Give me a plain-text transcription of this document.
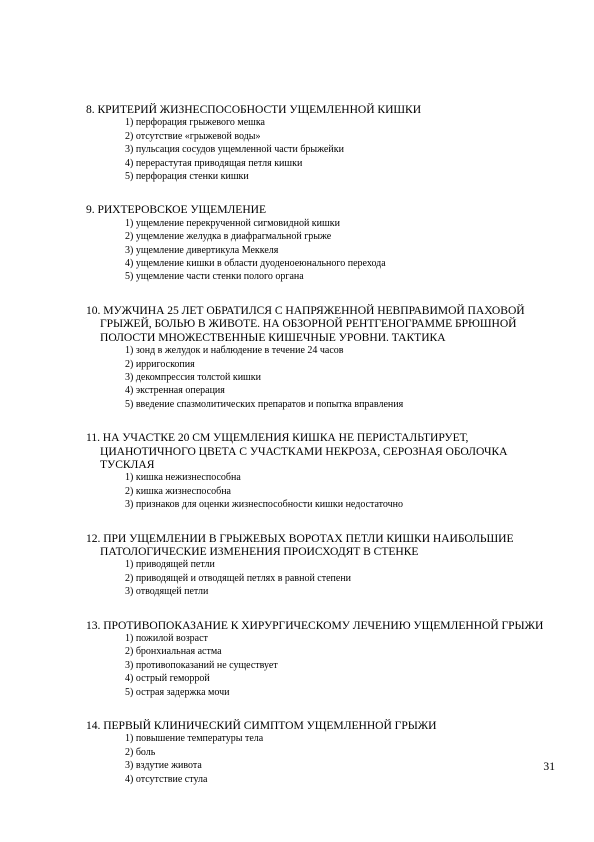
8. КРИТЕРИЙ ЖИЗНЕСПОСОБНОСТИ УЩЕМЛЕННОЙ КИШКИ

1) перфорация грыжевого мешка
2) отсутствие «грыжевой воды»
3) пульсация сосудов ущемленной части брыжейки
4) перерастутая приводящая петля кишки
5) перфорация стенки кишки

9. РИХТЕРОВСКОЕ УЩЕМЛЕНИЕ

1) ущемление перекрученной сигмовидной кишки
2) ущемление желудка в диафрагмальной грыже
3) ущемление дивертикула Меккеля
4) ущемление кишки в области дуоденоеюнального перехода
5) ущемление части стенки полого органа

10. МУЖЧИНА 25 ЛЕТ ОБРАТИЛСЯ С НАПРЯЖЕННОЙ НЕВПРАВИМОЙ ПАХОВОЙ ГРЫЖЕЙ, БОЛЬЮ В ЖИВОТЕ. НА ОБЗОРНОЙ РЕНТГЕНОГРАММЕ БРЮШНОЙ ПОЛОСТИ МНОЖЕСТВЕННЫЕ КИШЕЧНЫЕ УРОВНИ. ТАКТИКА

1) зонд в желудок и наблюдение в течение 24 часов
2) ирригоскопия
3) декомпрессия толстой кишки
4) экстренная операция
5) введение спазмолитических препаратов и попытка вправления

11. НА УЧАСТКЕ 20 СМ УЩЕМЛЕНИЯ КИШКА НЕ ПЕРИСТАЛЬТИРУЕТ, ЦИАНОТИЧНОГО ЦВЕТА С УЧАСТКАМИ НЕКРОЗА, СЕРОЗНАЯ ОБОЛОЧКА ТУСКЛАЯ

1) кишка нежизнеспособна
2) кишка жизнеспособна
3) признаков для оценки жизнеспособности кишки недостаточно

12. ПРИ УЩЕМЛЕНИИ В ГРЫЖЕВЫХ ВОРОТАХ ПЕТЛИ КИШКИ НАИБОЛЬШИЕ ПАТОЛОГИЧЕСКИЕ ИЗМЕНЕНИЯ ПРОИСХОДЯТ В СТЕНКЕ

1) приводящей петли
2) приводящей и отводящей петлях в равной степени
3) отводящей петли

13. ПРОТИВОПОКАЗАНИЕ К ХИРУРГИЧЕСКОМУ ЛЕЧЕНИЮ УЩЕМЛЕННОЙ ГРЫЖИ

1) пожилой возраст
2) бронхиальная астма
3) противопоказаний не существует
4) острый геморрой
5) острая задержка мочи

14. ПЕРВЫЙ КЛИНИЧЕСКИЙ СИМПТОМ УЩЕМЛЕННОЙ ГРЫЖИ

1) повышение температуры тела
2) боль
3) вздутие живота
4) отсутствие стула
31
